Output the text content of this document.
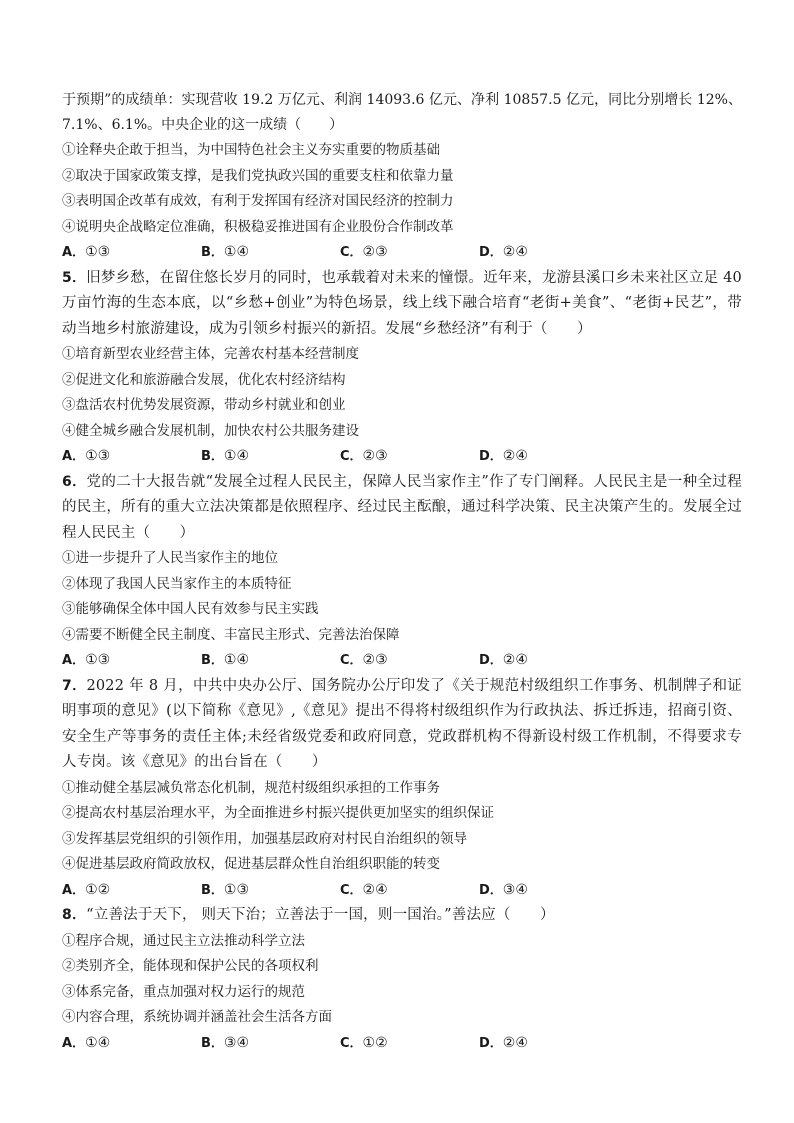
于预期”的成绩单：实现营收 19.2 万亿元、利润 14093.6 亿元、净利 10857.5 亿元，同比分别增长 12%、7.1%、6.1%。中央企业的这一成绩（　　）

①诠释央企敢于担当，为中国特色社会主义夯实重要的物质基础

②取决于国家政策支撑，是我们党执政兴国的重要支柱和依靠力量

③表明国企改革有成效，有利于发挥国有经济对国民经济的控制力

④说明央企战略定位准确，积极稳妥推进国有企业股份合作制改革

A．①③	B．①④	C．②③	D．②④

5．旧梦乡愁，在留住悠长岁月的同时，也承载着对未来的憧憬。近年来，龙游县溪口乡未来社区立足 40 万亩竹海的生态本底，以“乡愁+创业”为特色场景，线上线下融合培育“老街+美食”、“老街+民艺”，带动当地乡村旅游建设，成为引领乡村振兴的新招。发展“乡愁经济”有利于（　　）

①培育新型农业经营主体，完善农村基本经营制度

②促进文化和旅游融合发展，优化农村经济结构

③盘活农村优势发展资源，带动乡村就业和创业

④健全城乡融合发展机制，加快农村公共服务建设

A．①③	B．①④	C．②③	D．②④

6．党的二十大报告就“发展全过程人民民主，保障人民当家作主”作了专门阐释。人民民主是一种全过程的民主，所有的重大立法决策都是依照程序、经过民主酝酿，通过科学决策、民主决策产生的。发展全过程人民民主（　　）

①进一步提升了人民当家作主的地位

②体现了我国人民当家作主的本质特征

③能够确保全体中国人民有效参与民主实践

④需要不断健全民主制度、丰富民主形式、完善法治保障

A．①③	B．①④	C．②③	D．②④

7．2022 年 8 月，中共中央办公厅、国务院办公厅印发了《关于规范村级组织工作事务、机制牌子和证明事项的意见》(以下简称《意见》,《意见》提出不得将村级组织作为行政执法、拆迁拆违，招商引资、安全生产等事务的责任主体;未经省级党委和政府同意，党政群机构不得新设村级工作机制，不得要求专人专岗。该《意见》的出台旨在（　　）

①推动健全基层减负常态化机制，规范村级组织承担的工作事务

②提高农村基层治理水平，为全面推进乡村振兴提供更加坚实的组织保证

③发挥基层党组织的引领作用，加强基层政府对村民自治组织的领导

④促进基层政府简政放权，促进基层群众性自治组织职能的转变

A．①②	B．①③	C．②④	D．③④

8．“立善法于天下， 则天下治；立善法于一国，则一国治。”善法应（　　）

①程序合规，通过民主立法推动科学立法

②类别齐全，能体现和保护公民的各项权利

③体系完备，重点加强对权力运行的规范

④内容合理，系统协调并涵盖社会生活各方面

A．①④	B．③④	C．①②	D．②④
